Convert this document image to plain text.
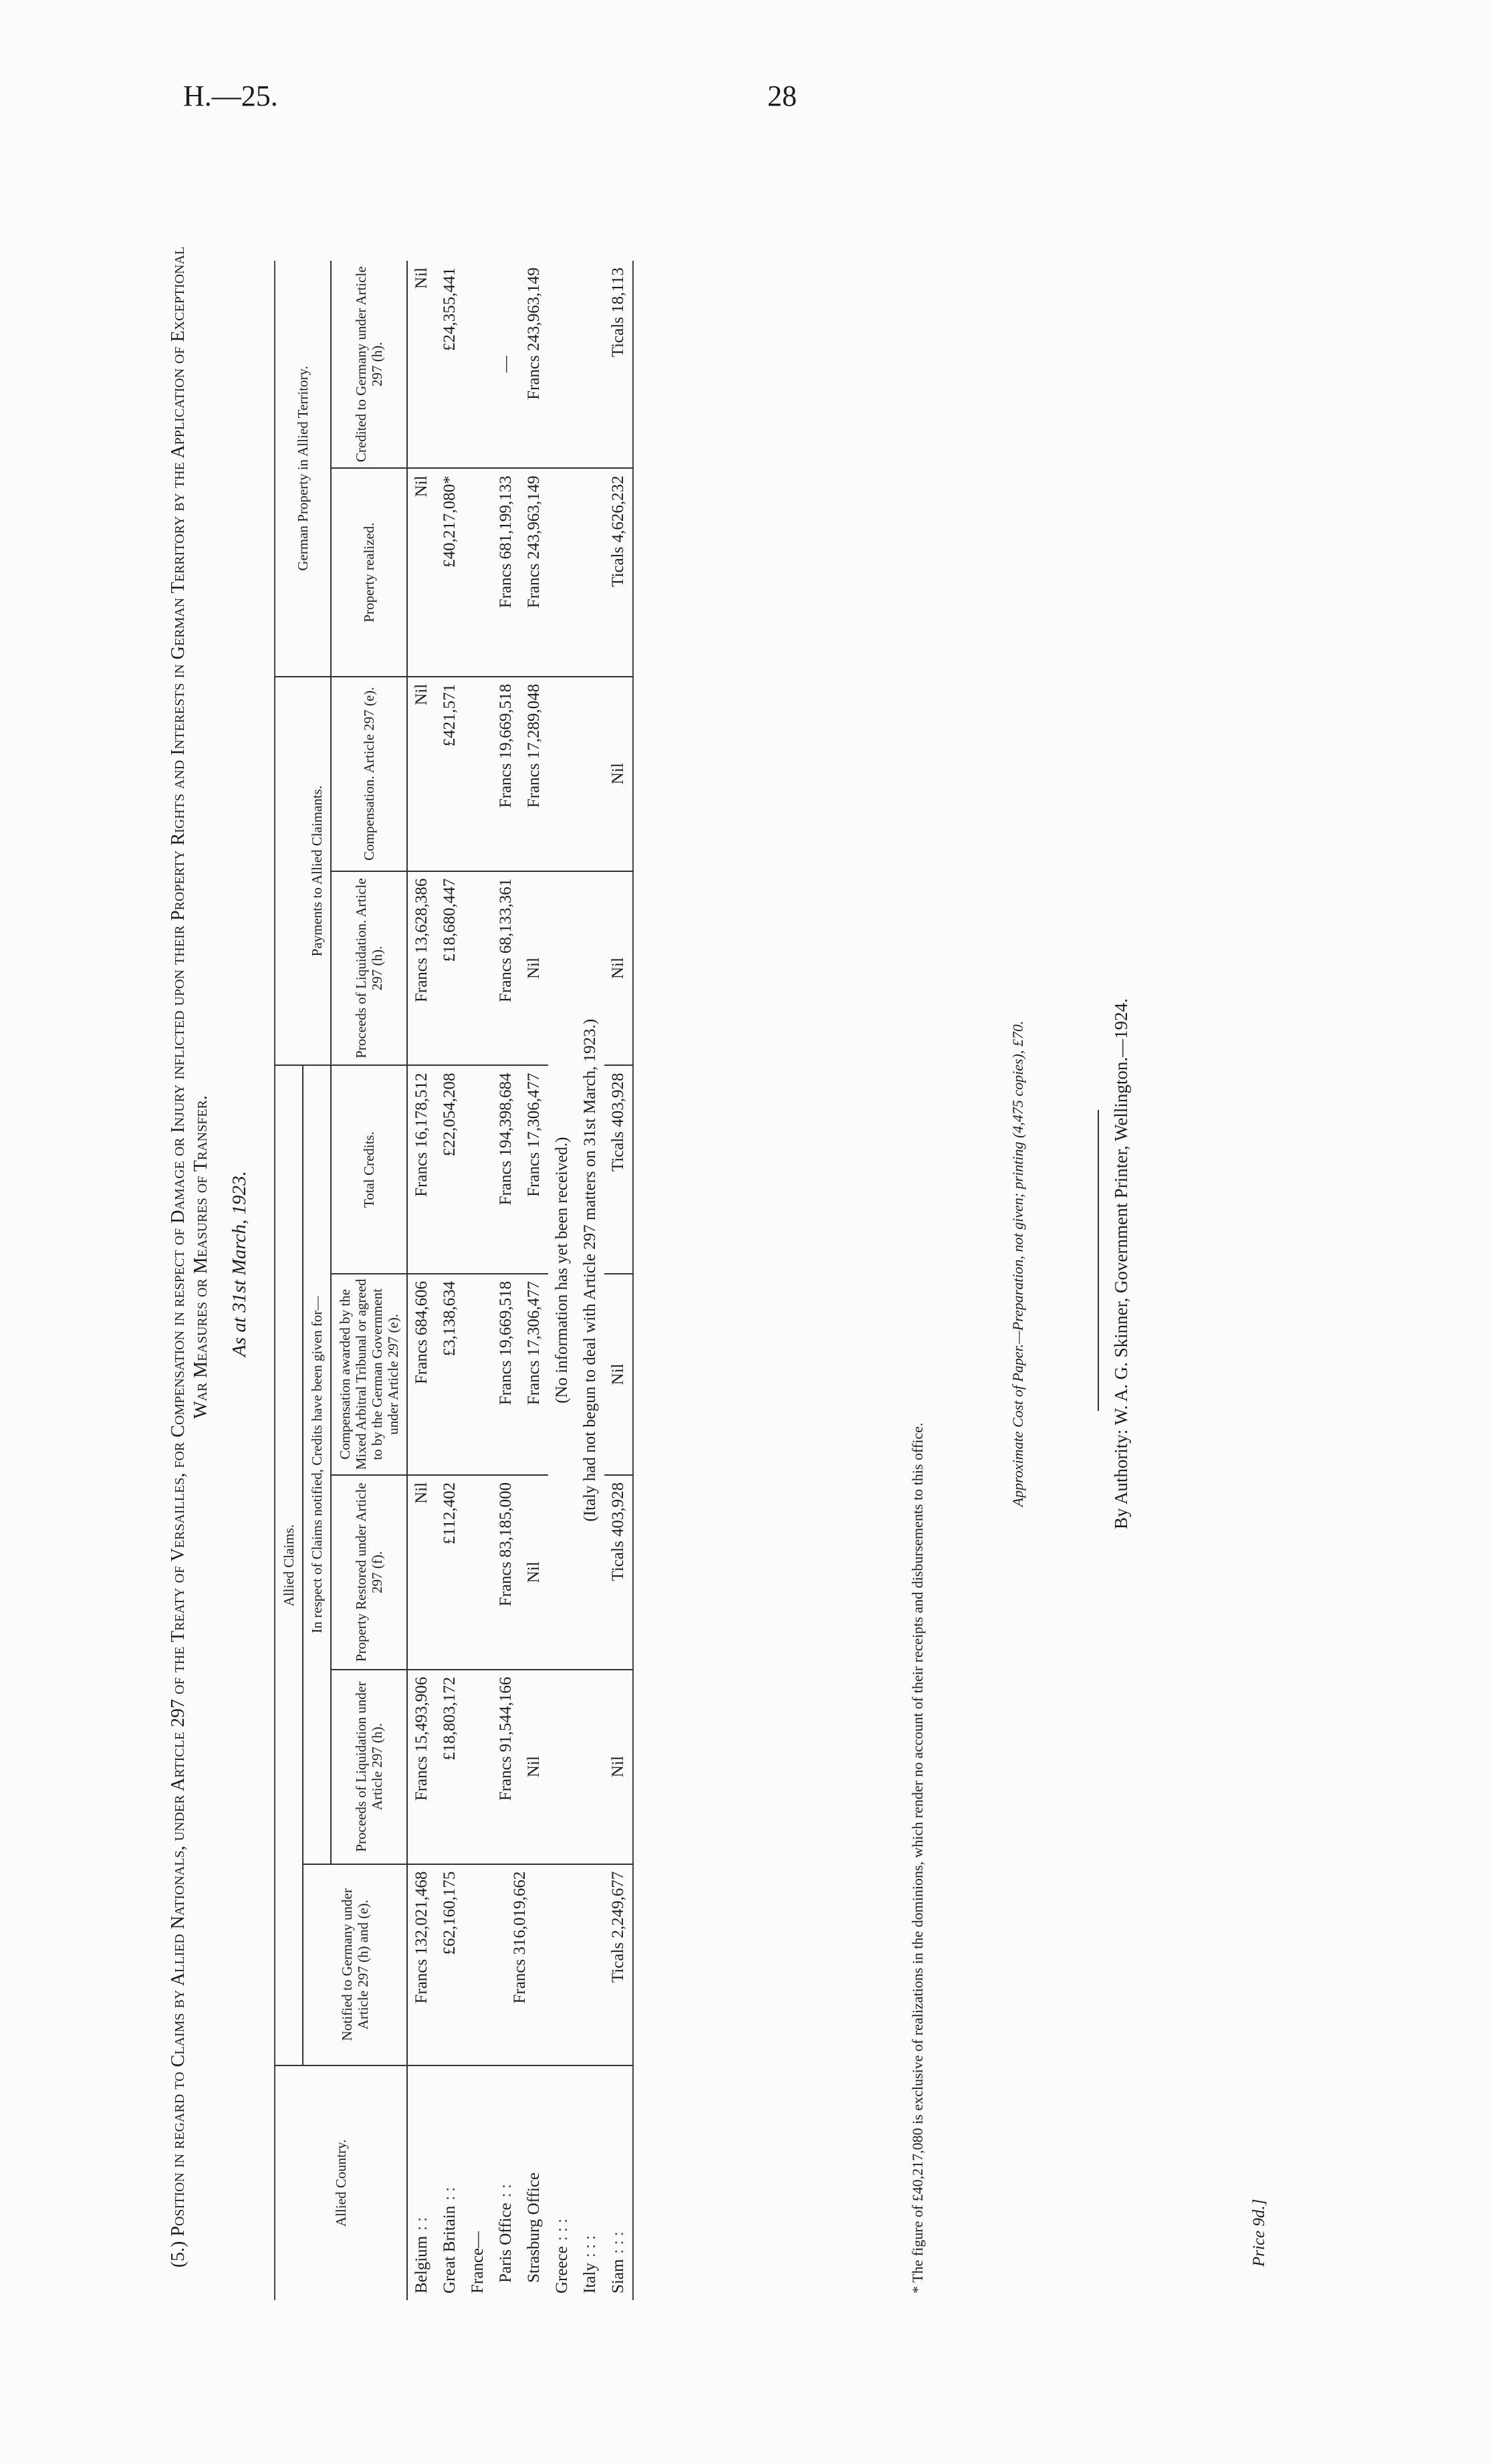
H.—25.	28
(5.) Position in regard to Claims by Allied Nationals, under Article 297 of the Treaty of Versailles, for Compensation in respect of Damage or Injury inflicted upon their Property Rights and Interests in German Territory by the Application of Exceptional War Measures or Measures of Transfer. As at 31st March, 1923.
Allied Country.	Allied Claims.							German Property in Allied Territory.	
	Notified to Germany under Article 297 (h) and (e).	In respect of Claims notified, Credits have been given for—				Payments to Allied Claimants.			
		Proceeds of Liquidation under Article 297 (h).	Property Restored under Article 297 (f).	Compensation awarded by the Mixed Arbitral Tribunal or agreed to by the German Government under Article 297 (e).	Total Credits.	Proceeds of Liquidation. Article 297 (h).	Compensation. Article 297 (e).	Property realized.	Credited to Germany under Article 297 (h).
Belgium: :	Francs 132,021,468	Francs 15,493,906	Nil	Francs 684,606	Francs 16,178,512	Francs 13,628,386	Nil	Nil	Nil
Great Britain: :	£62,160,175	£18,803,172	£112,402	£3,138,634	£22,054,208	£18,680,447	£421,571	£40,217,080*	£24,355,441
France—									
Paris Office: :	Francs 316,019,662	Francs 91,544,166	Francs 83,185,000	Francs 19,669,518	Francs 194,398,684	Francs 68,133,361	Francs 19,669,518	Francs 681,199,133	—
Strasburg Office		Nil	Nil	Francs 17,306,477	Francs 17,306,477	Nil	Francs 17,289,048	Francs 243,963,149	Francs 243,963,149
Greece: : :			(No information has yet been received.)						
Italy: : :			(Italy had not begun to deal with Article 297 matters on 31st March, 1923.)						
Siam: : :	Ticals 2,249,677	Nil	Ticals 403,928	Nil	Ticals 403,928	Nil	Nil	Ticals 4,626,232	Ticals 18,113
* The figure of £40,217,080 is exclusive of realizations in the dominions, which render no account of their receipts and disbursements to this office.
Approximate Cost of Paper.—Preparation, not given; printing (4,475 copies), £70.	By Authority: W. A. G. Skinner, Government Printer, Wellington.—1924.
Price 9d.]
